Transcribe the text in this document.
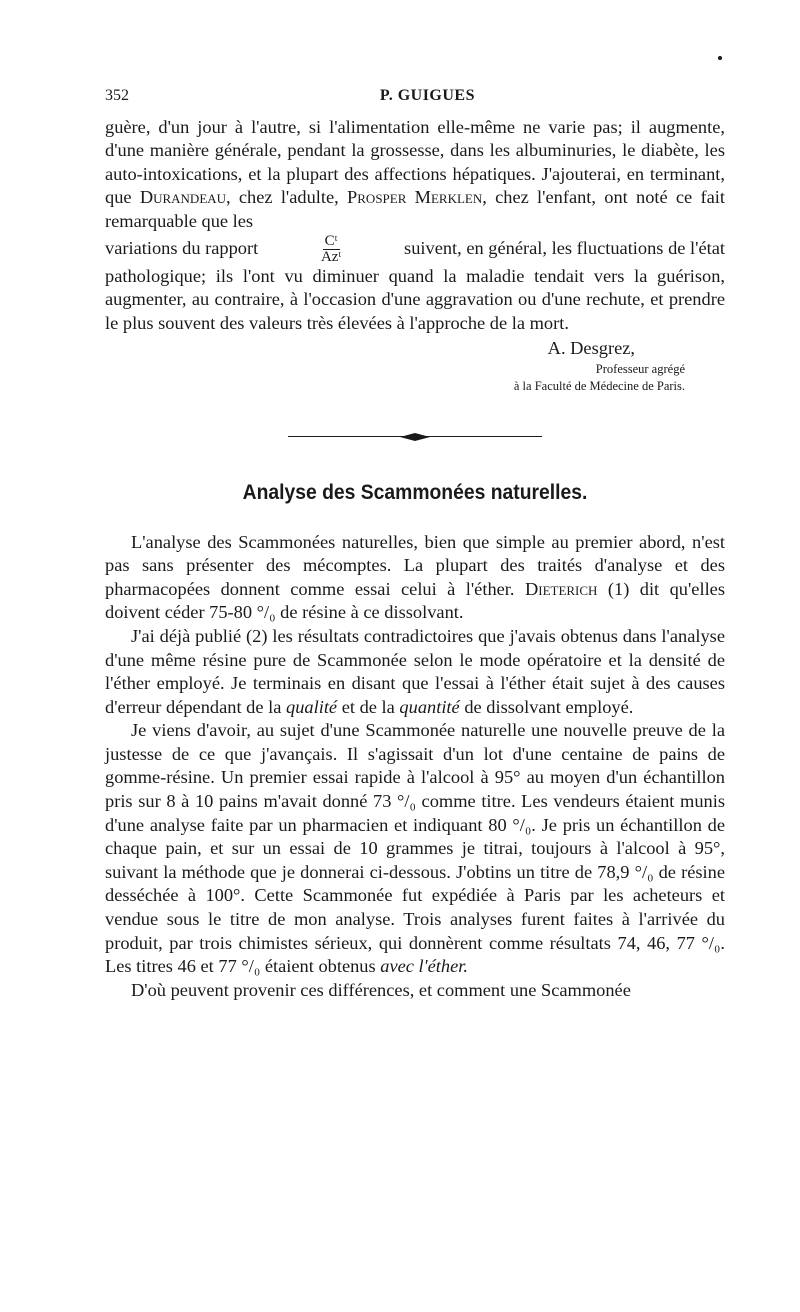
352	P. GUIGUES

guère, d'un jour à l'autre, si l'alimentation elle-même ne varie pas; il augmente, d'une manière générale, pendant la grossesse, dans les albuminuries, le diabète, les auto-intoxications, et la plupart des affections hépatiques. J'ajouterai, en terminant, que Durandeau, chez l'adulte, Prosper Merklen, chez l'enfant, ont noté ce fait remarquable que les

variations du rapport	$\frac{\text{Cᵗ}}{\text{Azᵗ}}$	suivent, en général, les fluctuations de l'état

pathologique; ils l'ont vu diminuer quand la maladie tendait vers la guérison, augmenter, au contraire, à l'occasion d'une aggravation ou d'une rechute, et prendre le plus souvent des valeurs très élevées à l'approche de la mort.

A. Desgrez,
Professeur agrégé
à la Faculté de Médecine de Paris.
Analyse des Scammonées naturelles.

L'analyse des Scammonées naturelles, bien que simple au premier abord, n'est pas sans présenter des mécomptes. La plupart des traités d'analyse et des pharmacopées donnent comme essai celui à l'éther. Dieterich (1) dit qu'elles doivent céder 75-80 °/₀ de résine à ce dissolvant.

J'ai déjà publié (2) les résultats contradictoires que j'avais obtenus dans l'analyse d'une même résine pure de Scammonée selon le mode opératoire et la densité de l'éther employé. Je terminais en disant que l'essai à l'éther était sujet à des causes d'erreur dépendant de la qualité et de la quantité de dissolvant employé.

Je viens d'avoir, au sujet d'une Scammonée naturelle une nouvelle preuve de la justesse de ce que j'avançais. Il s'agissait d'un lot d'une centaine de pains de gomme-résine. Un premier essai rapide à l'alcool à 95° au moyen d'un échantillon pris sur 8 à 10 pains m'avait donné 73 °/₀ comme titre. Les vendeurs étaient munis d'une analyse faite par un pharmacien et indiquant 80 °/₀. Je pris un échantillon de chaque pain, et sur un essai de 10 grammes je titrai, toujours à l'alcool à 95°, suivant la méthode que je donnerai ci-dessous. J'obtins un titre de 78,9 °/₀ de résine desséchée à 100°. Cette Scammonée fut expédiée à Paris par les acheteurs et vendue sous le titre de mon analyse. Trois analyses furent faites à l'arrivée du produit, par trois chimistes sérieux, qui donnèrent comme résultats 74, 46, 77 °/₀. Les titres 46 et 77 °/₀ étaient obtenus avec l'éther.

D'où peuvent provenir ces différences, et comment une Scammonée
